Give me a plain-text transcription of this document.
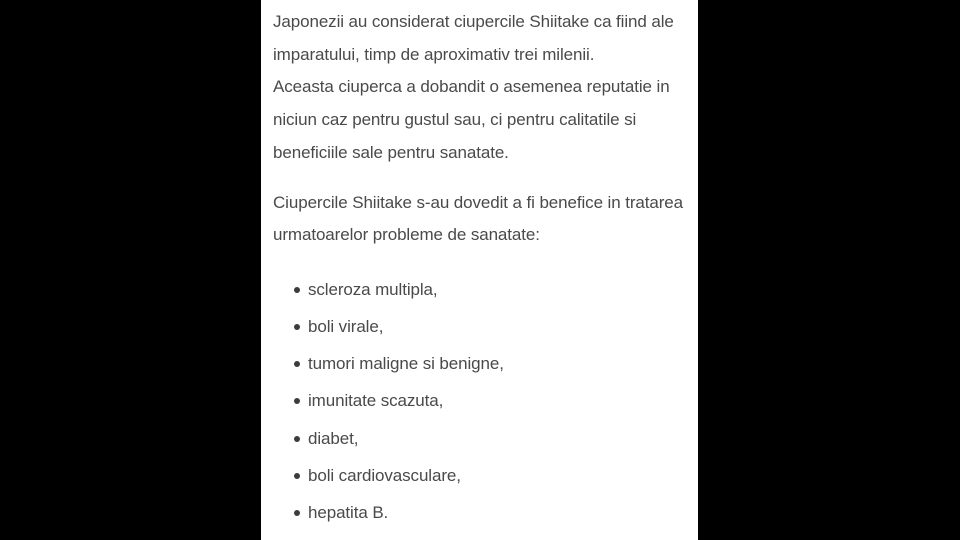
Japonezii au considerat ciupercile Shiitake ca fiind ale
imparatului, timp de aproximativ trei milenii.
Aceasta ciuperca a dobandit o asemenea reputatie in
niciun caz pentru gustul sau, ci pentru calitatile si
beneficiile sale pentru sanatate.

Ciupercile Shiitake s-au dovedit a fi benefice in tratarea
urmatoarelor probleme de sanatate:

scleroza multipla,
boli virale,
tumori maligne si benigne,
imunitate scazuta,
diabet,
boli cardiovasculare,
hepatita B.
